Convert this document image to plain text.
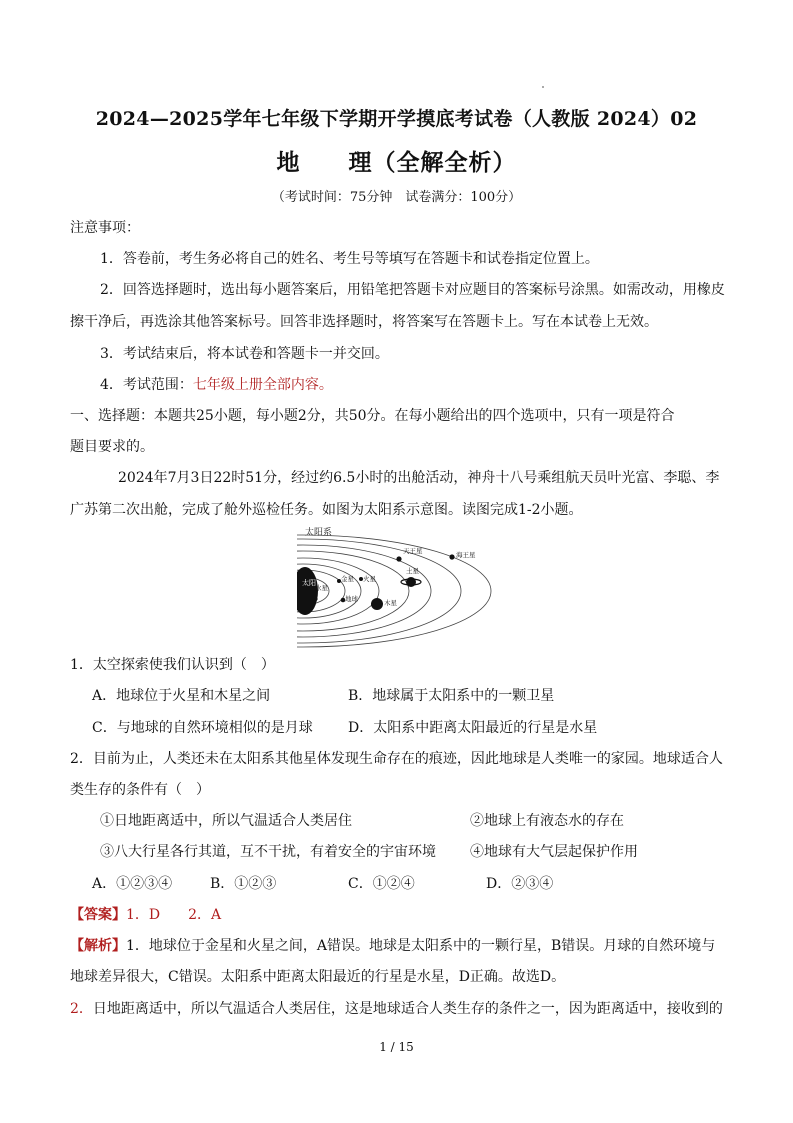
2024—2025学年七年级下学期开学摸底考试卷（人教版 2024）02
地　　理（全解全析）
（考试时间：75分钟　试卷满分：100分）
注意事项：
1．答卷前，考生务必将自己的姓名、考生号等填写在答题卡和试卷指定位置上。
2．回答选择题时，选出每小题答案后，用铅笔把答题卡对应题目的答案标号涂黑。如需改动，用橡皮
擦干净后，再选涂其他答案标号。回答非选择题时，将答案写在答题卡上。写在本试卷上无效。
3．考试结束后，将本试卷和答题卡一并交回。
4．考试范围：七年级上册全部内容。
一、选择题：本题共25小题，每小题2分，共50分。在每小题给出的四个选项中，只有一项是符合
题目要求的。
2024年7月3日22时51分，经过约6.5小时的出舱活动，神舟十八号乘组航天员叶光富、李聪、李
广苏第二次出舱，完成了舱外巡检任务。如图为太阳系示意图。读图完成1-2小题。
太阳系
太阳
水星
金星
地球
火星
木星
土星
天王星	海王星
1．太空探索使我们认识到（　）
A．地球位于火星和木星之间	B．地球属于太阳系中的一颗卫星
C．与地球的自然环境相似的是月球	D．太阳系中距离太阳最近的行星是水星
2．目前为止，人类还未在太阳系其他星体发现生命存在的痕迹，因此地球是人类唯一的家园。地球适合人
类生存的条件有（　）
①日地距离适中，所以气温适合人类居住	②地球上有液态水的存在
③八大行星各行其道，互不干扰，有着安全的宇宙环境 ④地球有大气层起保护作用
A．①②③④	B．①②③	C．①②④	D．②③④
【答案】1．D　　2．A
【解析】1．地球位于金星和火星之间，A错误。地球是太阳系中的一颗行星，B错误。月球的自然环境与
地球差异很大，C错误。太阳系中距离太阳最近的行星是水星，D正确。故选D。
2．日地距离适中，所以气温适合人类居住，这是地球适合人类生存的条件之一，因为距离适中，接收到的
1 / 15
